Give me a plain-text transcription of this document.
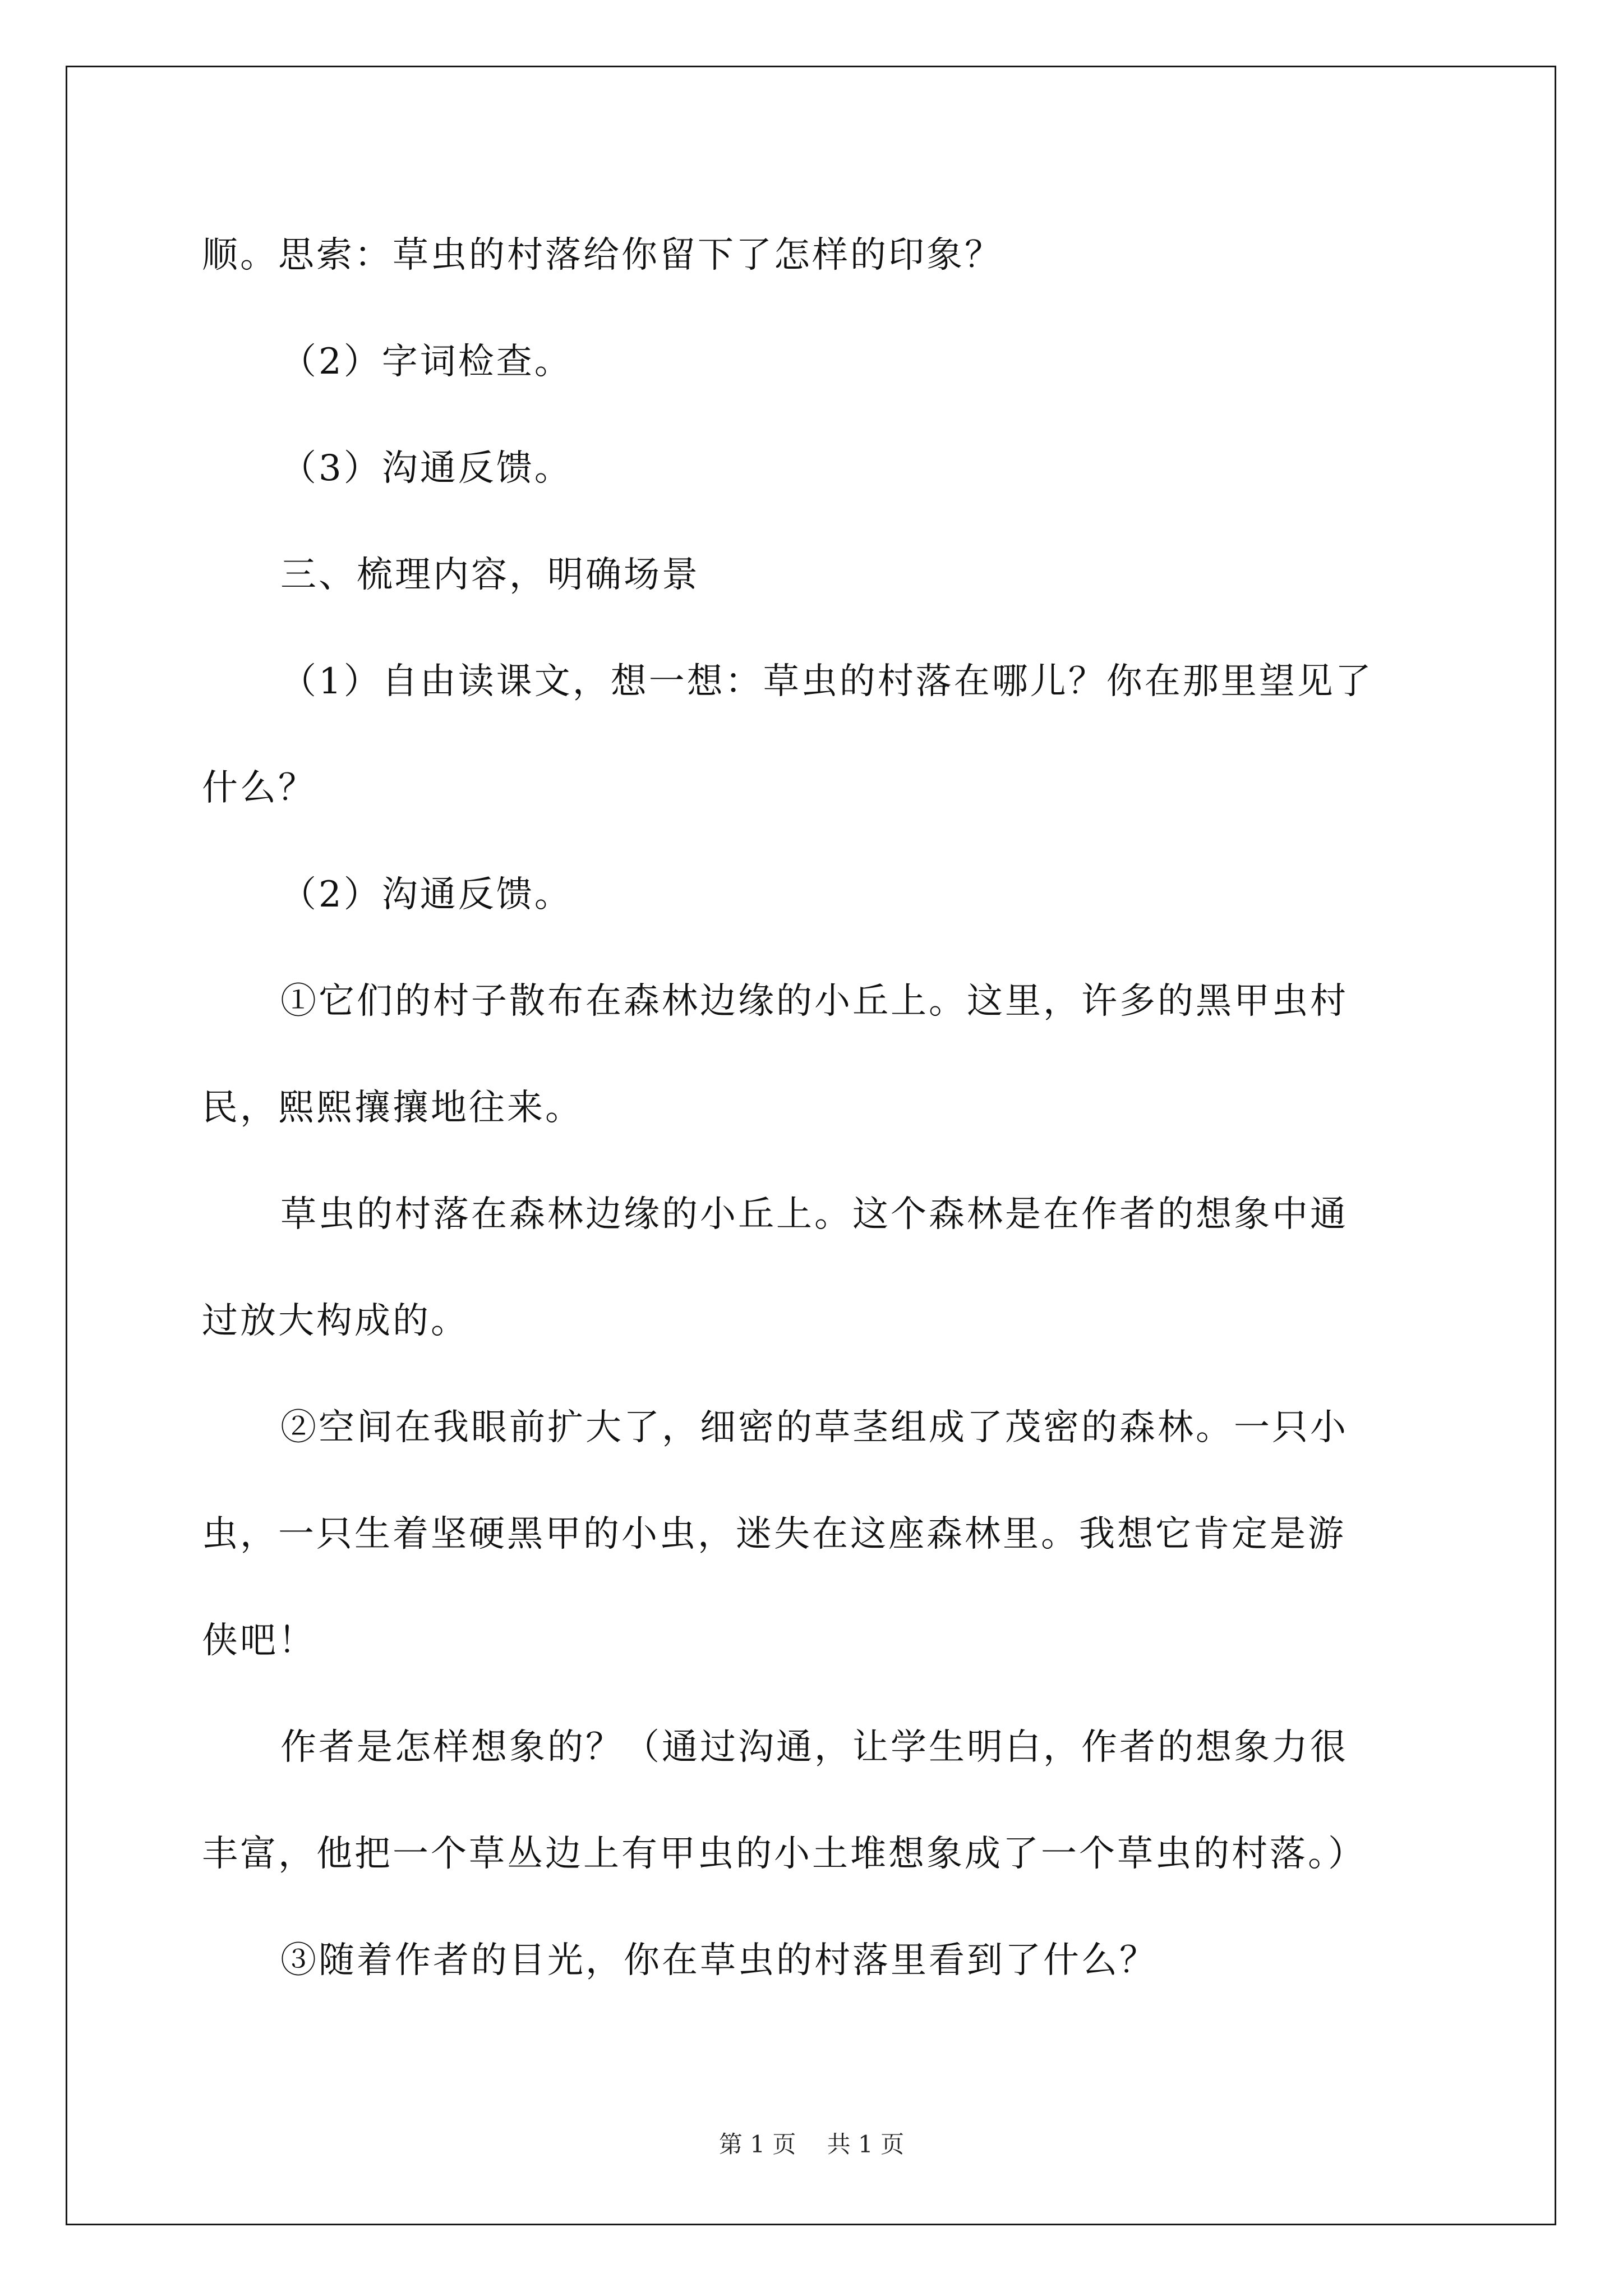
顺。思索：草虫的村落给你留下了怎样的印象？
（2）字词检查。
（3）沟通反馈。
三、梳理内容，明确场景
（1）自由读课文，想一想：草虫的村落在哪儿？你在那里望见了
什么？
（2）沟通反馈。
①它们的村子散布在森林边缘的小丘上。这里，许多的黑甲虫村
民，熙熙攘攘地往来。
草虫的村落在森林边缘的小丘上。这个森林是在作者的想象中通
过放大构成的。
②空间在我眼前扩大了，细密的草茎组成了茂密的森林。一只小
虫，一只生着坚硬黑甲的小虫，迷失在这座森林里。我想它肯定是游
侠吧！
作者是怎样想象的？（通过沟通，让学生明白，作者的想象力很
丰富，他把一个草丛边上有甲虫的小土堆想象成了一个草虫的村落。）
③随着作者的目光，你在草虫的村落里看到了什么？
第 1 页　 共 1 页
